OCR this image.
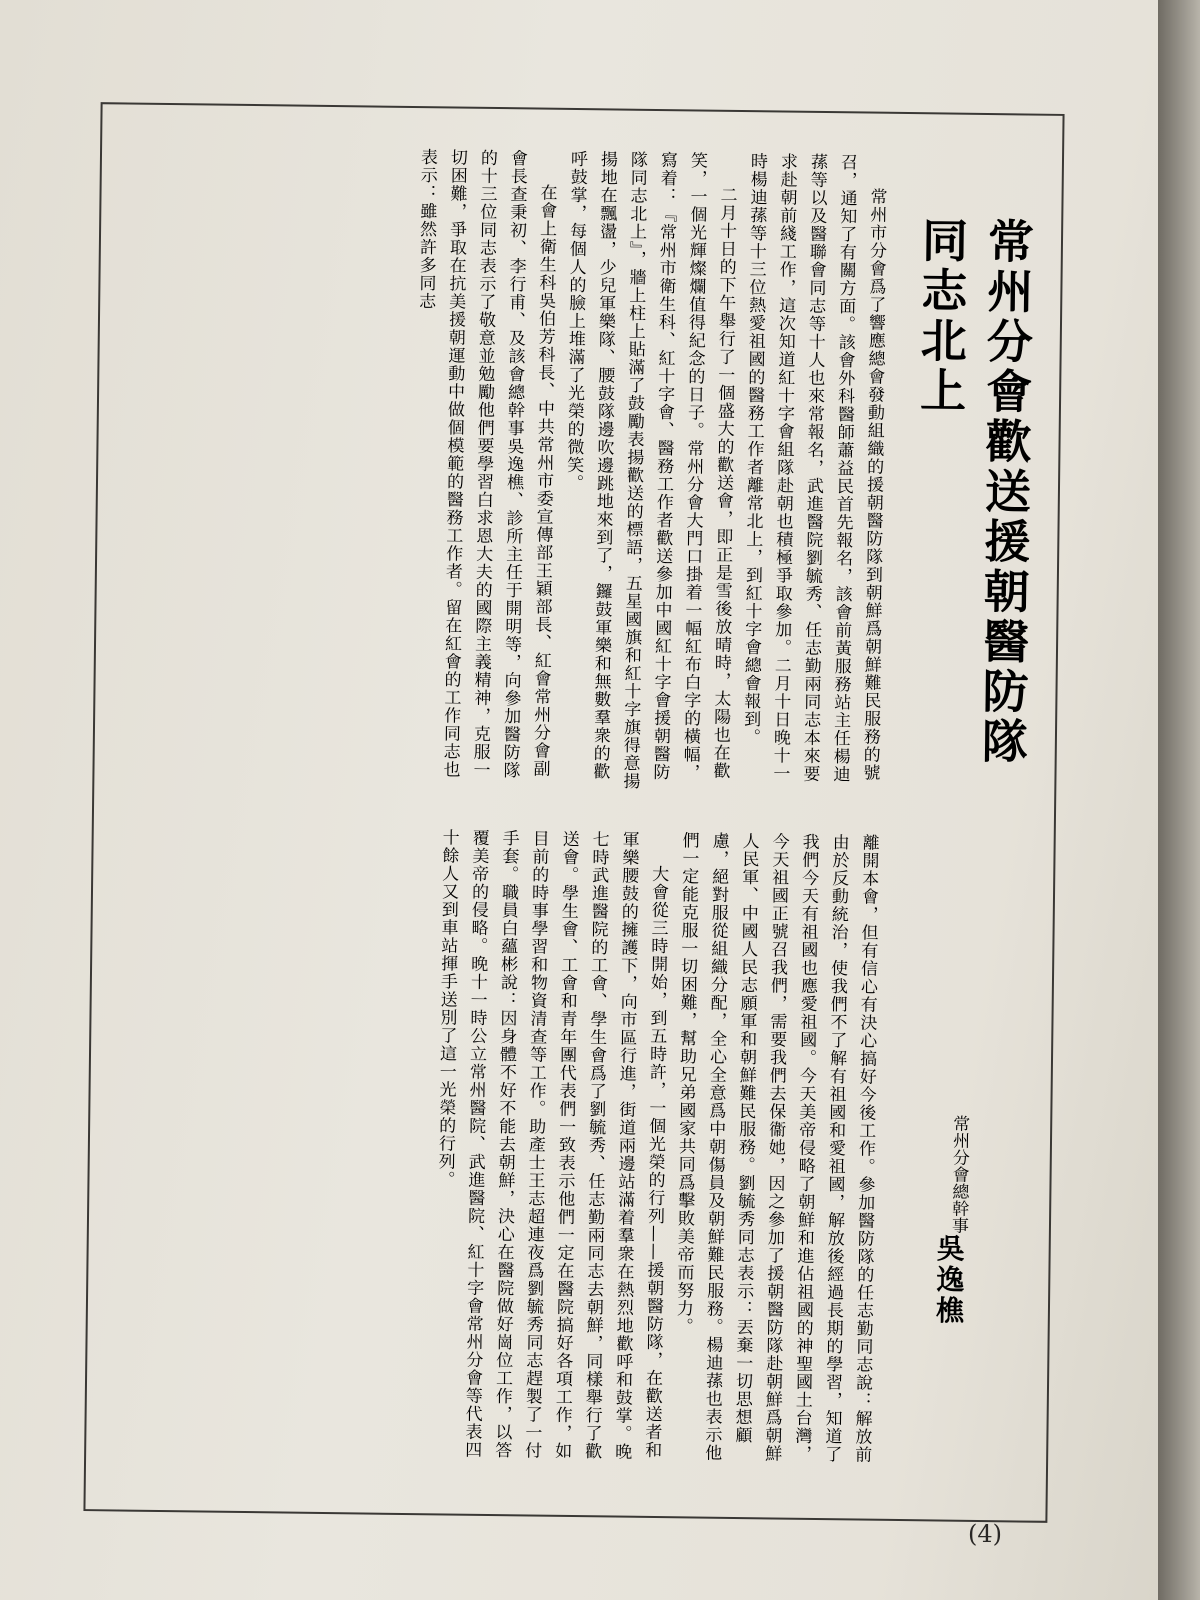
常州分會歡送援朝醫防隊同志北上

常州市分會爲了響應總會發動組織的援朝醫防隊到朝鮮爲朝鮮難民服務的號召，通知了有關方面。該會外科醫師蕭益民首先報名，該會前黃服務站主任楊迪蓀等以及醫聯會同志等十人也來常報名，武進醫院劉毓秀、任志勤兩同志本來要求赴朝前綫工作，這次知道紅十字會組隊赴朝也積極爭取參加。二月十日晚十一時楊迪蓀等十三位熱愛祖國的醫務工作者離常北上，到紅十字會總會報到。

二月十日的下午舉行了一個盛大的歡送會，即正是雪後放晴時，太陽也在歡笑，一個光輝燦爛值得紀念的日子。常州分會大門口掛着一幅紅布白字的橫幅，寫着：『常州市衛生科、紅十字會、醫務工作者歡送參加中國紅十字會援朝醫防隊同志北上』，牆上柱上貼滿了鼓勵表揚歡送的標語，五星國旗和紅十字旗得意揚揚地在飄盪，少兒軍樂隊、腰鼓隊邊吹邊跳地來到了，鑼鼓軍樂和無數羣衆的歡呼鼓掌，每個人的臉上堆滿了光榮的微笑。

在會上衛生科吳伯芳科長、中共常州市委宣傳部王穎部長、紅會常州分會副會長查秉初、李行甫、及該會總幹事吳逸樵、診所主任于開明等，向參加醫防隊的十三位同志表示了敬意並勉勵他們要學習白求恩大夫的國際主義精神，克服一切困難，爭取在抗美援朝運動中做個模範的醫務工作者。留在紅會的工作同志也表示：雖然許多同志

離開本會，但有信心有決心搞好今後工作。參加醫防隊的任志勤同志說：解放前由於反動統治，使我們不了解有祖國和愛祖國，解放後經過長期的學習，知道了我們今天有祖國也應愛祖國。今天美帝侵略了朝鮮和進佔祖國的神聖國土台灣，今天祖國正號召我們，需要我們去保衞她，因之參加了援朝醫防隊赴朝鮮爲朝鮮人民軍、中國人民志願軍和朝鮮難民服務。劉毓秀同志表示：丟棄一切思想顧慮，絕對服從組織分配，全心全意爲中朝傷員及朝鮮難民服務。楊迪蓀也表示他們一定能克服一切困難，幫助兄弟國家共同爲擊敗美帝而努力。

大會從三時開始，到五時許，一個光榮的行列——援朝醫防隊，在歡送者和軍樂腰鼓的擁護下，向市區行進，街道兩邊站滿着羣衆在熱烈地歡呼和鼓掌。晚七時武進醫院的工會、學生會爲了劉毓秀、任志勤兩同志去朝鮮，同樣舉行了歡送會。學生會、工會和青年團代表們一致表示他們一定在醫院搞好各項工作，如目前的時事學習和物資清查等工作。助產士王志超連夜爲劉毓秀同志趕製了一付手套。職員白蘊彬說：因身體不好不能去朝鮮，決心在醫院做好崗位工作，以答覆美帝的侵略。晚十一時公立常州醫院、武進醫院、紅十字會常州分會等代表四十餘人又到車站揮手送別了這一光榮的行列。	常州分會總幹事
吳逸樵
(4)
